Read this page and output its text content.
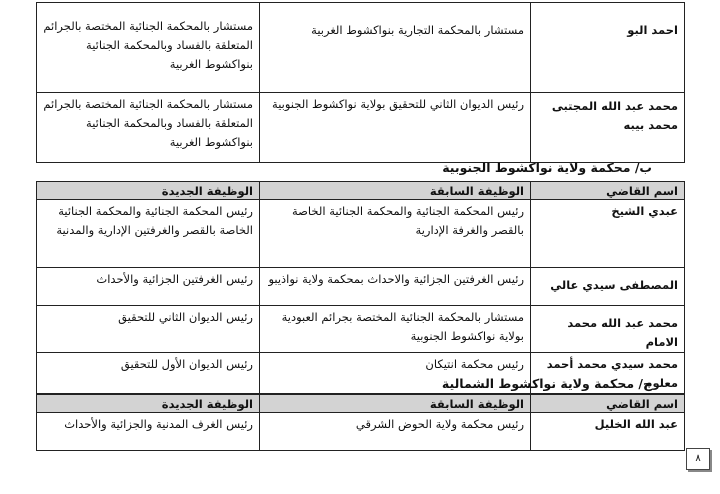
احمد البو	مستشار بالمحكمة التجارية بنواكشوط الغربية	مستشار بالمحكمة الجنائية المختصة بالجرائم المتعلقة بالفساد وبالمحكمة الجنائية بنواكشوط الغربية
محمد عبد الله المجتبى محمد بيبه	رئيس الديوان الثاني للتحقيق بولاية نواكشوط الجنوبية	مستشار بالمحكمة الجنائية المختصة بالجرائم المتعلقة بالفساد وبالمحكمة الجنائية بنواكشوط الغربية
ب/ محكمة ولاية نواكشوط الجنوبية
اسم القاضي	الوظيفة السابقة	الوظيفة الجديدة
عبدي الشيخ	رئيس المحكمة الجنائية والمحكمة الجنائية الخاصة بالقصر والغرفة الإدارية	رئيس المحكمة الجنائية والمحكمة الجنائية الخاصة بالقصر والغرفتين الإدارية والمدنية
المصطفى سيدي عالي	رئيس الغرفتين الجزائية والاحداث بمحكمة ولاية نواذيبو	رئيس الغرفتين الجزائية والأحداث
محمد عبد الله محمد الامام	مستشار بالمحكمة الجنائية المختصة بجرائم العبودية بولاية نواكشوط الجنوبية	رئيس الديوان الثاني للتحقيق
محمد سيدي محمد أحمد معلوم	رئيس محكمة انتيكان	رئيس الديوان الأول للتحقيق
ج/ محكمة ولاية نواكشوط الشمالية
اسم القاضي	الوظيفة السابقة	الوظيفة الجديدة
عبد الله الخليل	رئيس محكمة ولاية الحوض الشرقي	رئيس الغرف المدنية والجزائية والأحداث
٨
